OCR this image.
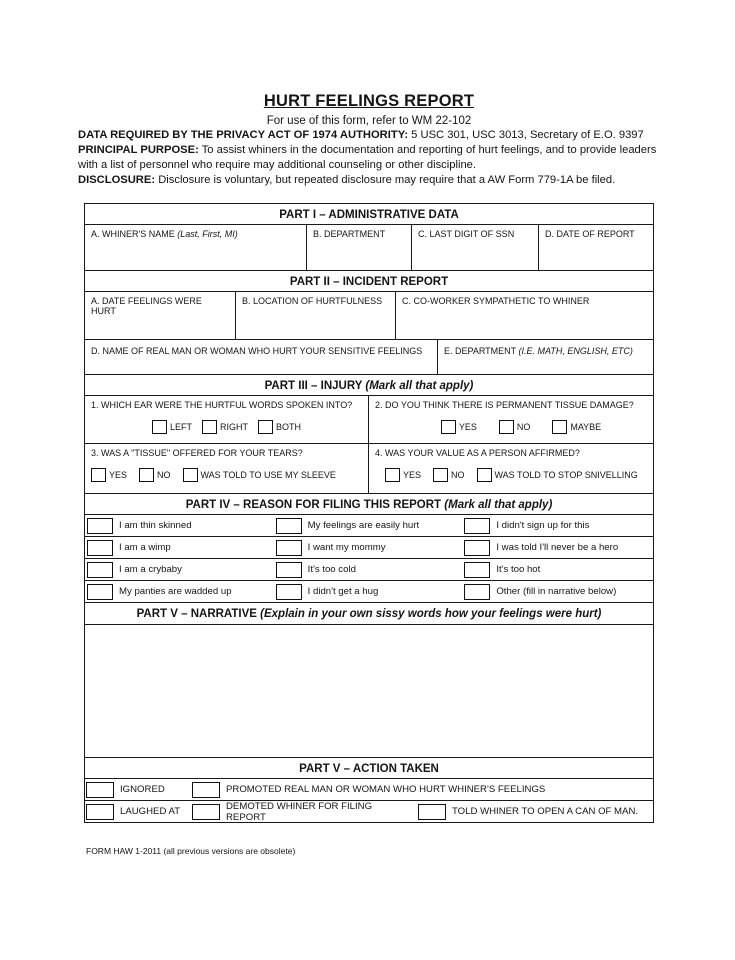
HURT FEELINGS REPORT
For use of this form, refer to WM 22-102
DATA REQUIRED BY THE PRIVACY ACT OF 1974 AUTHORITY: 5 USC 301, USC 3013, Secretary of E.O. 9397
PRINCIPAL PURPOSE: To assist whiners in the documentation and reporting of hurt feelings, and to provide leaders with a list of personnel who require may additional counseling or other discipline.
DISCLOSURE: Disclosure is voluntary, but repeated disclosure may require that a AW Form 779-1A be filed.
PART I – ADMINISTRATIVE DATA
A. WHINER'S NAME (Last, First, MI)	B. DEPARTMENT	C. LAST DIGIT OF SSN	D. DATE OF REPORT
PART II – INCIDENT REPORT
A. DATE FEELINGS WERE HURT
B. LOCATION OF HURTFULNESS	C. CO-WORKER SYMPATHETIC TO WHINER
D. NAME OF REAL MAN OR WOMAN WHO HURT YOUR SENSITIVE FEELINGS	E. DEPARTMENT (I.E. MATH, ENGLISH, ETC)
PART III – INJURY (Mark all that apply)
1. WHICH EAR WERE THE HURTFUL WORDS SPOKEN INTO?
LEFT	RIGHT	BOTH
2. DO YOU THINK THERE IS PERMANENT TISSUE DAMAGE?
YES	NO	MAYBE
3. WAS A "TISSUE" OFFERED FOR YOUR TEARS?
YES	NO	WAS TOLD TO USE MY SLEEVE
4. WAS YOUR VALUE AS A PERSON AFFIRMED?
YES	NO	WAS TOLD TO STOP SNIVELLING
PART IV – REASON FOR FILING THIS REPORT (Mark all that apply)
I am thin skinned	My feelings are easily hurt	I didn't sign up for this
I am a wimp	I want my mommy	I was told I'll never be a hero
I am a crybaby	It's too cold	It's too hot
My panties are wadded up	I didn't get a hug	Other (fill in narrative below)
PART V – NARRATIVE (Explain in your own sissy words how your feelings were hurt)
PART V – ACTION TAKEN
IGNORED	PROMOTED REAL MAN OR WOMAN WHO HURT WHINER'S FEELINGS
LAUGHED AT	DEMOTED WHINER FOR FILING REPORT	TOLD WHINER TO OPEN A CAN OF MAN.
FORM HAW 1-2011 (all previous versions are obsolete)
